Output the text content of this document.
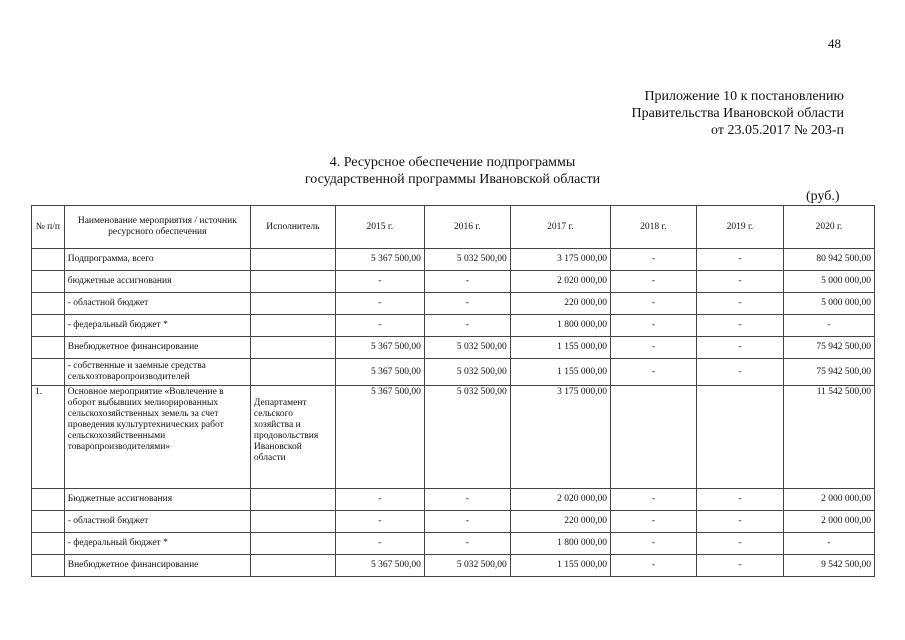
48
Приложение 10 к постановлению
Правительства Ивановской области
от 23.05.2017 № 203-п
4. Ресурсное обеспечение подпрограммы
государственной программы Ивановской области
(руб.)
№ п/п	Наименование мероприятия / источник ресурсного обеспечения	Исполнитель	2015 г.	2016 г.	2017 г.	2018 г.	2019 г.	2020 г.
	Подпрограмма, всего		5 367 500,00	5 032 500,00	3 175 000,00	-	-	80 942 500,00
	бюджетные ассигнования		-	-	2 020 000,00	-	-	5 000 000,00
	- областной бюджет		-	-	220 000,00	-	-	5 000 000,00
	- федеральный бюджет *		-	-	1 800 000,00	-	-	-
	Внебюджетное финансирование		5 367 500,00	5 032 500,00	1 155 000,00	-	-	75 942 500,00
	- собственные и заемные средства сельхозтоваропроизводителей		5 367 500,00	5 032 500,00	1 155 000,00	-	-	75 942 500,00
1.	Основное мероприятие «Вовлечение в оборот выбывших мелиорированных сельскохозяйственных земель за счет проведения культуртехнических работ сельскохозяйственными товаропроизводителями»	Департамент сельского хозяйства и продовольствия Ивановской области	5 367 500,00	5 032 500,00	3 175 000,00			11 542 500,00
	Бюджетные ассигнования		-	-	2 020 000,00	-	-	2 000 000,00
	- областной бюджет		-	-	220 000,00	-	-	2 000 000,00
	- федеральный бюджет *		-	-	1 800 000,00	-	-	-
	Внебюджетное финансирование		5 367 500,00	5 032 500,00	1 155 000,00	-	-	9 542 500,00
